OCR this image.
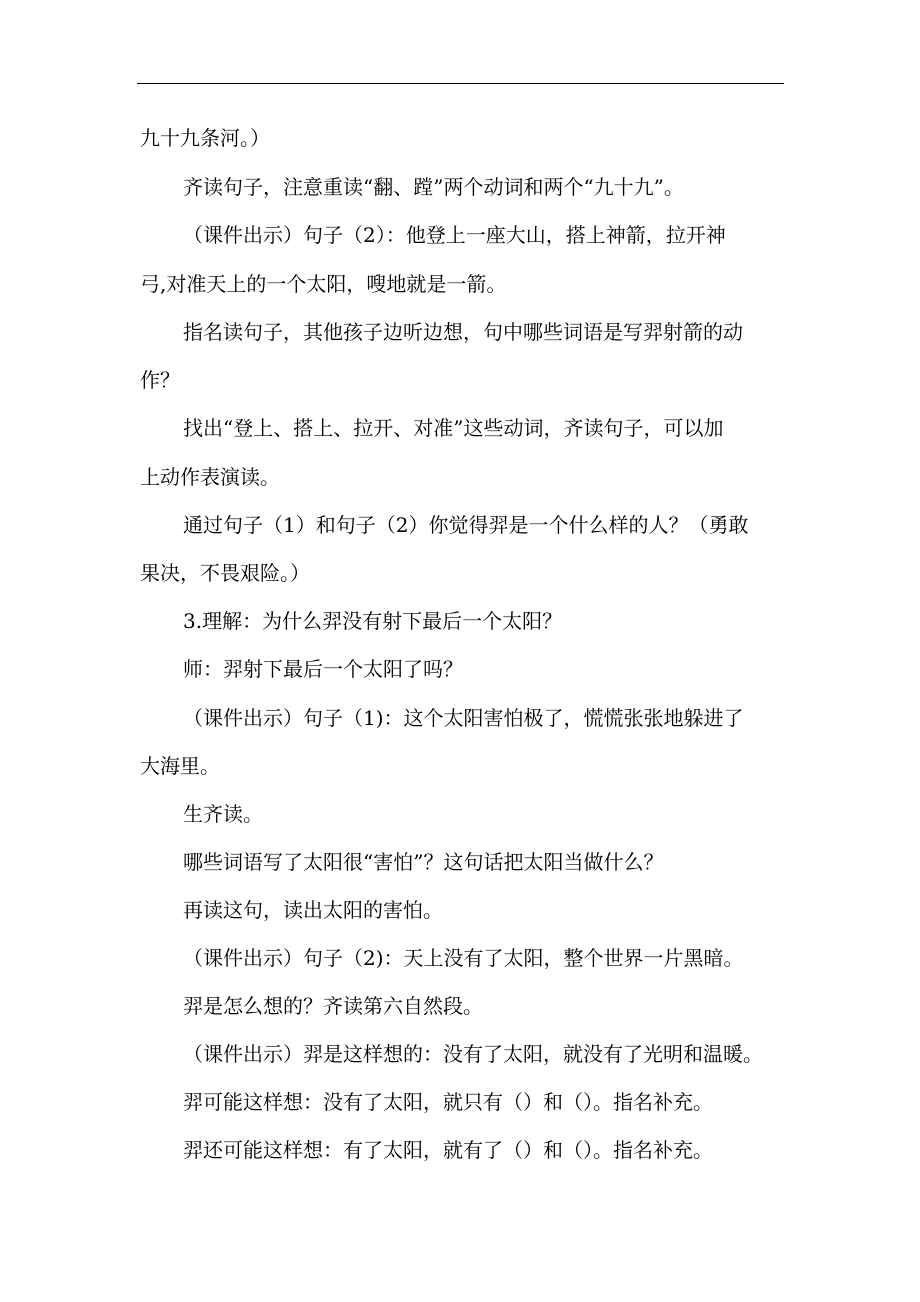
九十九条河。）
齐读句子，注意重读“翻、蹚”两个动词和两个“九十九”。
（课件出示）句子（2）：他登上一座大山，搭上神箭，拉开神
弓,对准天上的一个太阳，嗖地就是一箭。
指名读句子，其他孩子边听边想，句中哪些词语是写羿射箭的动
作？
找出“登上、搭上、拉开、对准”这些动词，齐读句子，可以加
上动作表演读。
通过句子（1）和句子（2）你觉得羿是一个什么样的人？（勇敢
果决，不畏艰险。）
3.理解：为什么羿没有射下最后一个太阳？
师：羿射下最后一个太阳了吗？
（课件出示）句子（1)：这个太阳害怕极了，慌慌张张地躲进了
大海里。
生齐读。
哪些词语写了太阳很“害怕”？这句话把太阳当做什么？
再读这句，读出太阳的害怕。
（课件出示）句子（2)：天上没有了太阳，整个世界一片黑暗。
羿是怎么想的？齐读第六自然段。
（课件出示）羿是这样想的：没有了太阳，就没有了光明和温暖。
羿可能这样想：没有了太阳，就只有（）和（）。指名补充。
羿还可能这样想：有了太阳，就有了（）和（）。指名补充。
